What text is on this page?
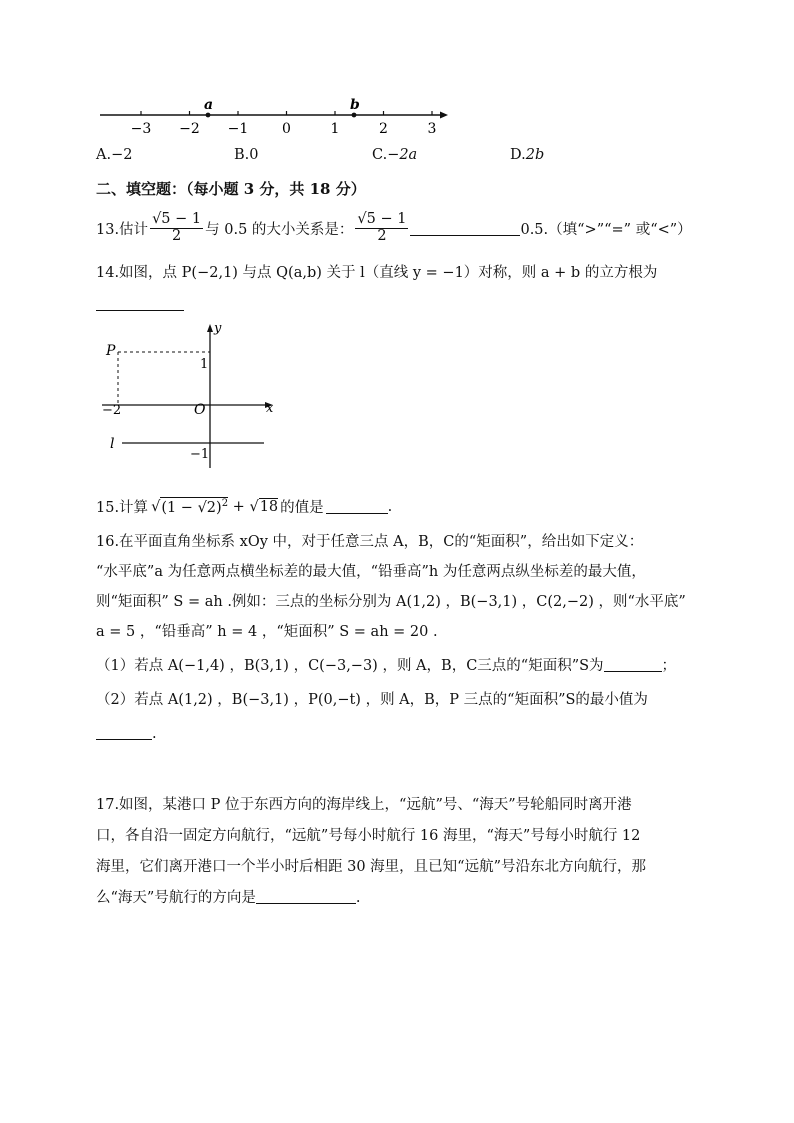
−3 −2 −1 0	1	2	3
a	b
A.−2	B.0	C.−2a	D.2b
二、填空题：（每小题 3 分，共 18 分）
13.估计 $\frac{√5 - 1}{2}$ 与 0.5 的大小关系是： $\frac{√5 - 1}{2}$	0.5.（填“>”“=” 或“<”）
14.如图，点 P(−2,1) 与点 Q(a,b) 关于 l（直线 y = −1）对称，则 a + b 的立方根为
P
y
1
−2	O	x
l
−1
15.计算 √ $(1 - √2)^2$ + √ 18 的值是	.
16.在平面直角坐标系 xOy 中，对于任意三点 A，B，C的“矩面积”，给出如下定义：
“水平底”a 为任意两点横坐标差的最大值，“铅垂高”h 为任意两点纵坐标差的最大值，
则“矩面积” S = ah .例如：三点的坐标分别为 A(1,2) ，B(−3,1) ，C(2,−2) ，则“水平底”
a = 5 ，“铅垂高” h = 4 ，“矩面积” S = ah = 20 .
（1）若点 A(−1,4) ，B(3,1) ，C(−3,−3) ，则 A，B，C三点的“矩面积”S为	；
（2）若点 A(1,2) ，B(−3,1) ，P(0,−t) ，则 A，B，P 三点的“矩面积”S的最小值为
.
17.如图，某港口 P 位于东西方向的海岸线上，“远航”号、“海天”号轮船同时离开港
口，各自沿一固定方向航行，“远航”号每小时航行 16 海里，“海天”号每小时航行 12
海里，它们离开港口一个半小时后相距 30 海里，且已知“远航”号沿东北方向航行，那
么“海天”号航行的方向是	.
